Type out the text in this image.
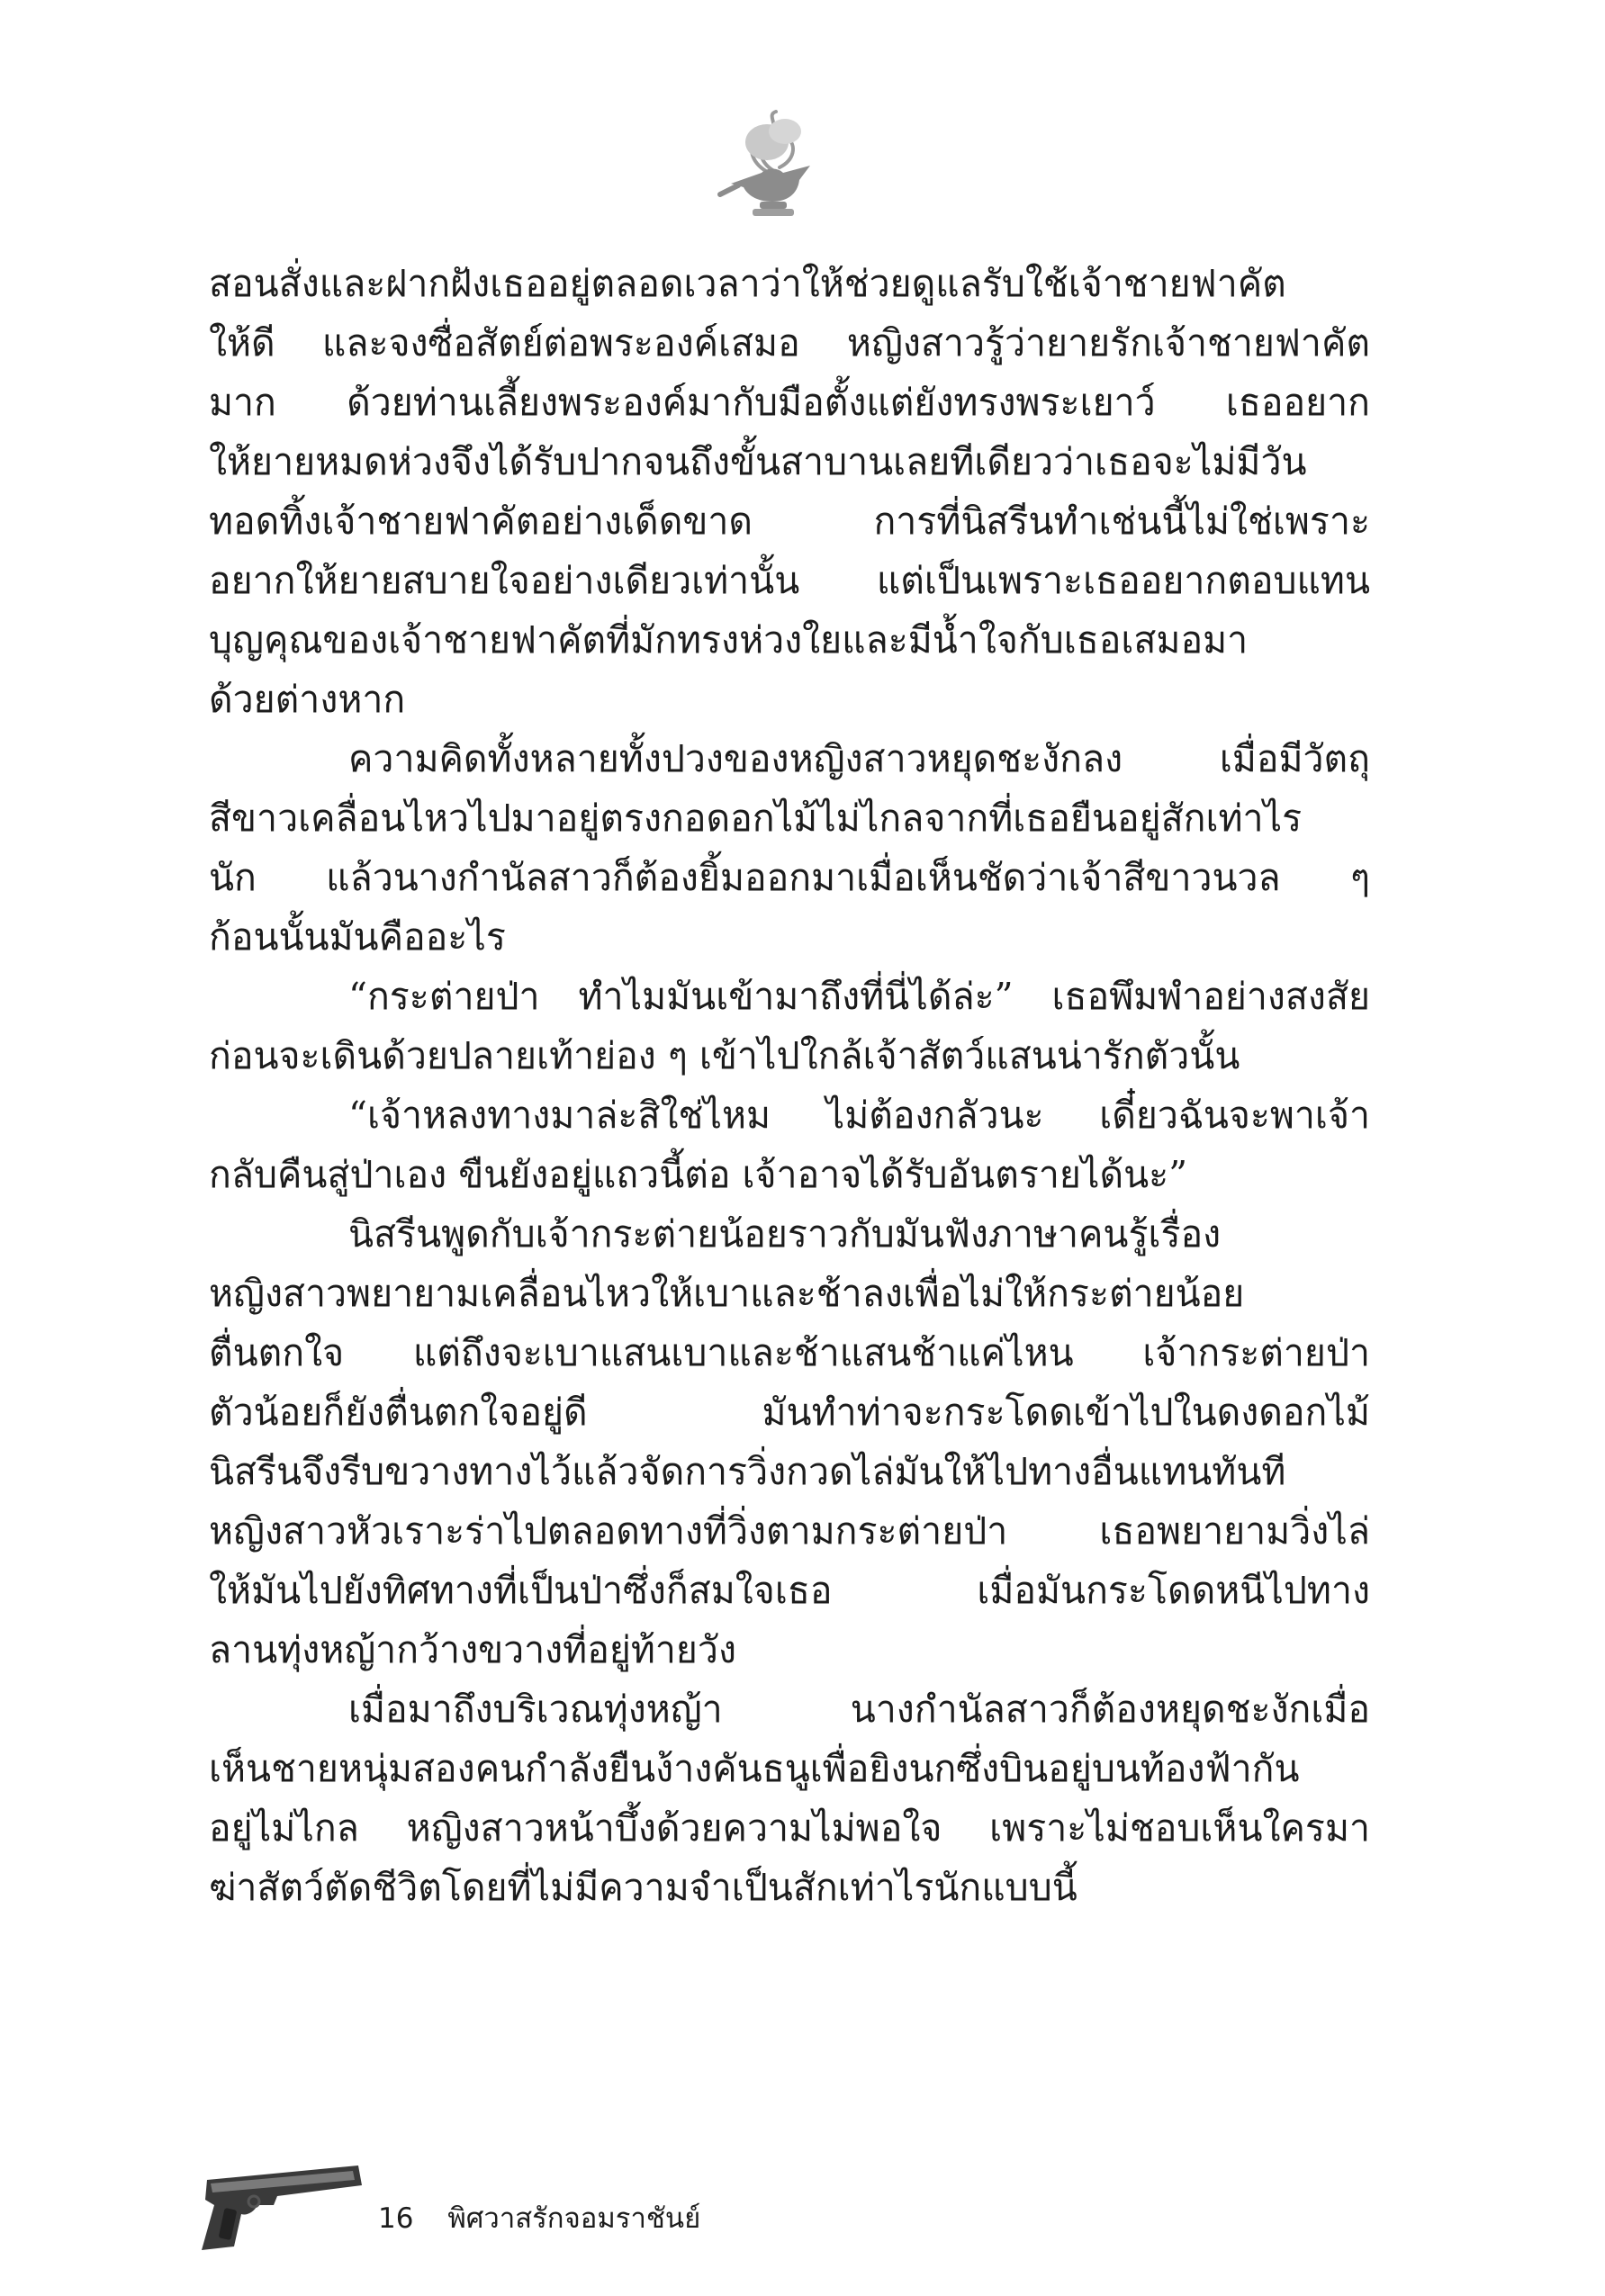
สอนสั่งและฝากฝังเธออยู่ตลอดเวลาว่าให้ช่วยดูแลรับใช้เจ้าชายฟาคัต
ให้ดี และจงซื่อสัตย์ต่อพระองค์เสมอ หญิงสาวรู้ว่ายายรักเจ้าชายฟาคัต
มาก ด้วยท่านเลี้ยงพระองค์มากับมือตั้งแต่ยังทรงพระเยาว์ เธออยาก
ให้ยายหมดห่วงจึงได้รับปากจนถึงขั้นสาบานเลยทีเดียวว่าเธอจะไม่มีวัน
ทอดทิ้งเจ้าชายฟาคัตอย่างเด็ดขาด การที่นิสรีนทำเช่นนี้ไม่ใช่เพราะ
อยากให้ยายสบายใจอย่างเดียวเท่านั้น แต่เป็นเพราะเธออยากตอบแทน
บุญคุณของเจ้าชายฟาคัตที่มักทรงห่วงใยและมีน้ำใจกับเธอเสมอมา
ด้วยต่างหาก
ความคิดทั้งหลายทั้งปวงของหญิงสาวหยุดชะงักลง เมื่อมีวัตถุ
สีขาวเคลื่อนไหวไปมาอยู่ตรงกอดอกไม้ไม่ไกลจากที่เธอยืนอยู่สักเท่าไร
นัก แล้วนางกำนัลสาวก็ต้องยิ้มออกมาเมื่อเห็นชัดว่าเจ้าสีขาวนวล ๆ
ก้อนนั้นมันคืออะไร
“กระต่ายป่า ทำไมมันเข้ามาถึงที่นี่ได้ล่ะ” เธอพึมพำอย่างสงสัย
ก่อนจะเดินด้วยปลายเท้าย่อง ๆ เข้าไปใกล้เจ้าสัตว์แสนน่ารักตัวนั้น
“เจ้าหลงทางมาล่ะสิใช่ไหม ไม่ต้องกลัวนะ เดี๋ยวฉันจะพาเจ้า
กลับคืนสู่ป่าเอง ขืนยังอยู่แถวนี้ต่อ เจ้าอาจได้รับอันตรายได้นะ”
นิสรีนพูดกับเจ้ากระต่ายน้อยราวกับมันฟังภาษาคนรู้เรื่อง
หญิงสาวพยายามเคลื่อนไหวให้เบาและช้าลงเพื่อไม่ให้กระต่ายน้อย
ตื่นตกใจ แต่ถึงจะเบาแสนเบาและช้าแสนช้าแค่ไหน เจ้ากระต่ายป่า
ตัวน้อยก็ยังตื่นตกใจอยู่ดี มันทำท่าจะกระโดดเข้าไปในดงดอกไม้
นิสรีนจึงรีบขวางทางไว้แล้วจัดการวิ่งกวดไล่มันให้ไปทางอื่นแทนทันที
หญิงสาวหัวเราะร่าไปตลอดทางที่วิ่งตามกระต่ายป่า เธอพยายามวิ่งไล่
ให้มันไปยังทิศทางที่เป็นป่าซึ่งก็สมใจเธอ เมื่อมันกระโดดหนีไปทาง
ลานทุ่งหญ้ากว้างขวางที่อยู่ท้ายวัง
เมื่อมาถึงบริเวณทุ่งหญ้า นางกำนัลสาวก็ต้องหยุดชะงักเมื่อ
เห็นชายหนุ่มสองคนกำลังยืนง้างคันธนูเพื่อยิงนกซึ่งบินอยู่บนท้องฟ้ากัน
อยู่ไม่ไกล หญิงสาวหน้าบึ้งด้วยความไม่พอใจ เพราะไม่ชอบเห็นใครมา
ฆ่าสัตว์ตัดชีวิตโดยที่ไม่มีความจำเป็นสักเท่าไรนักแบบนี้
16 พิศวาสรักจอมราชันย์
